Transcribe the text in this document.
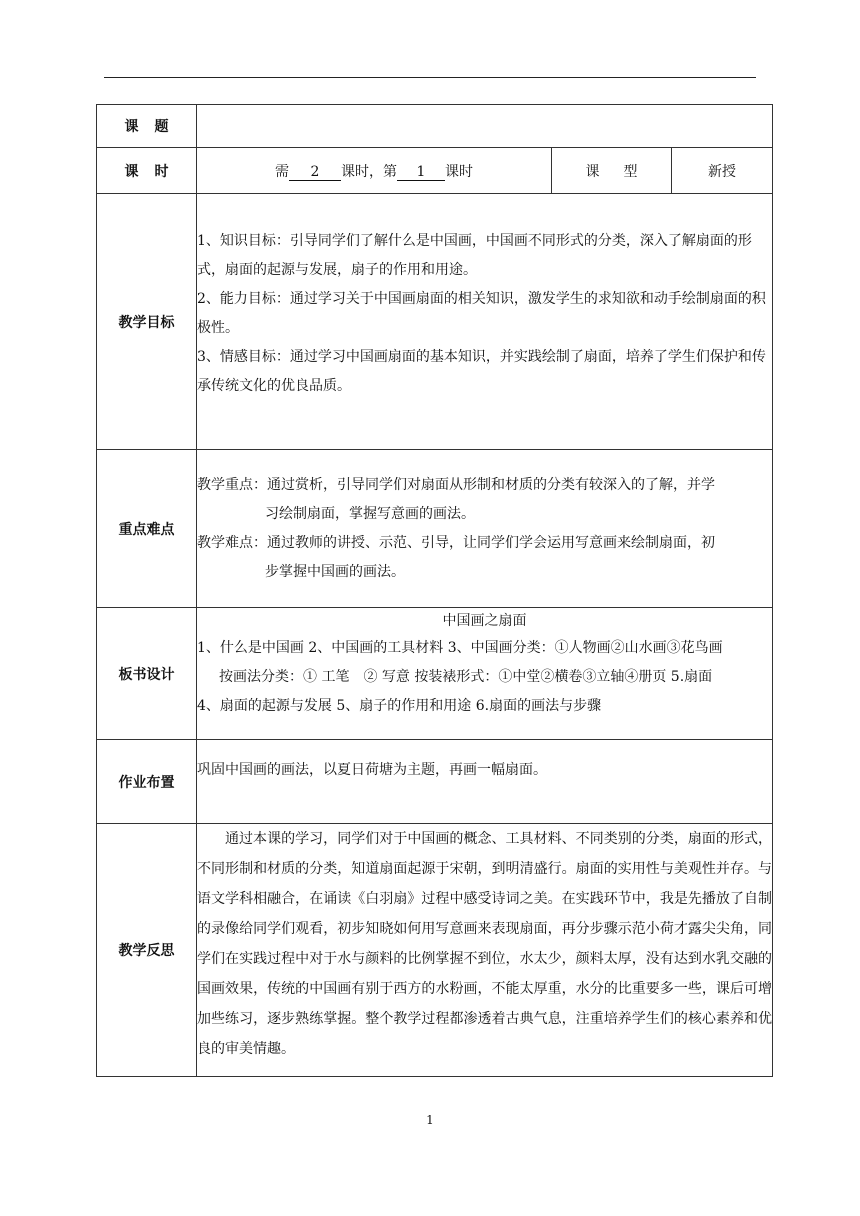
课题			
课时	需 2 课时，第 1 课时	课型	新授
教学目标	1、知识目标：引导同学们了解什么是中国画，中国画不同形式的分类，深入了解扇面的形式，扇面的起源与发展，扇子的作用和用途。

2、能力目标：通过学习关于中国画扇面的相关知识，激发学生的求知欲和动手绘制扇面的积极性。

3、情感目标：通过学习中国画扇面的基本知识，并实践绘制了扇面，培养了学生们保护和传承传统文化的优良品质。		

重点难点	教学重点：通过赏析，引导同学们对扇面从形制和材质的分类有较深入的了解，并学

习绘制扇面，掌握写意画的画法。

教学难点：通过教师的讲授、示范、引导，让同学们学会运用写意画来绘制扇面，初

步掌握中国画的画法。		

板书设计	中国画之扇面

1、什么是中国画 2、中国画的工具材料 3、中国画分类：①人物画②山水画③花鸟画

按画法分类：① 工笔　② 写意 按装裱形式：①中堂②横卷③立轴④册页 5.扇面

4、扇面的起源与发展 5、扇子的作用和用途 6.扇面的画法与步骤		

作业布置	巩固中国画的画法，以夏日荷塘为主题，再画一幅扇面。		
教学反思	通过本课的学习，同学们对于中国画的概念、工具材料、不同类别的分类，扇面的形式，不同形制和材质的分类，知道扇面起源于宋朝，到明清盛行。扇面的实用性与美观性并存。与语文学科相融合，在诵读《白羽扇》过程中感受诗词之美。在实践环节中，我是先播放了自制的录像给同学们观看，初步知晓如何用写意画来表现扇面，再分步骤示范小荷才露尖尖角，同学们在实践过程中对于水与颜料的比例掌握不到位，水太少，颜料太厚，没有达到水乳交融的国画效果，传统的中国画有别于西方的水粉画，不能太厚重，水分的比重要多一些，课后可增加些练习，逐步熟练掌握。整个教学过程都渗透着古典气息，注重培养学生们的核心素养和优良的审美情趣。		
1
